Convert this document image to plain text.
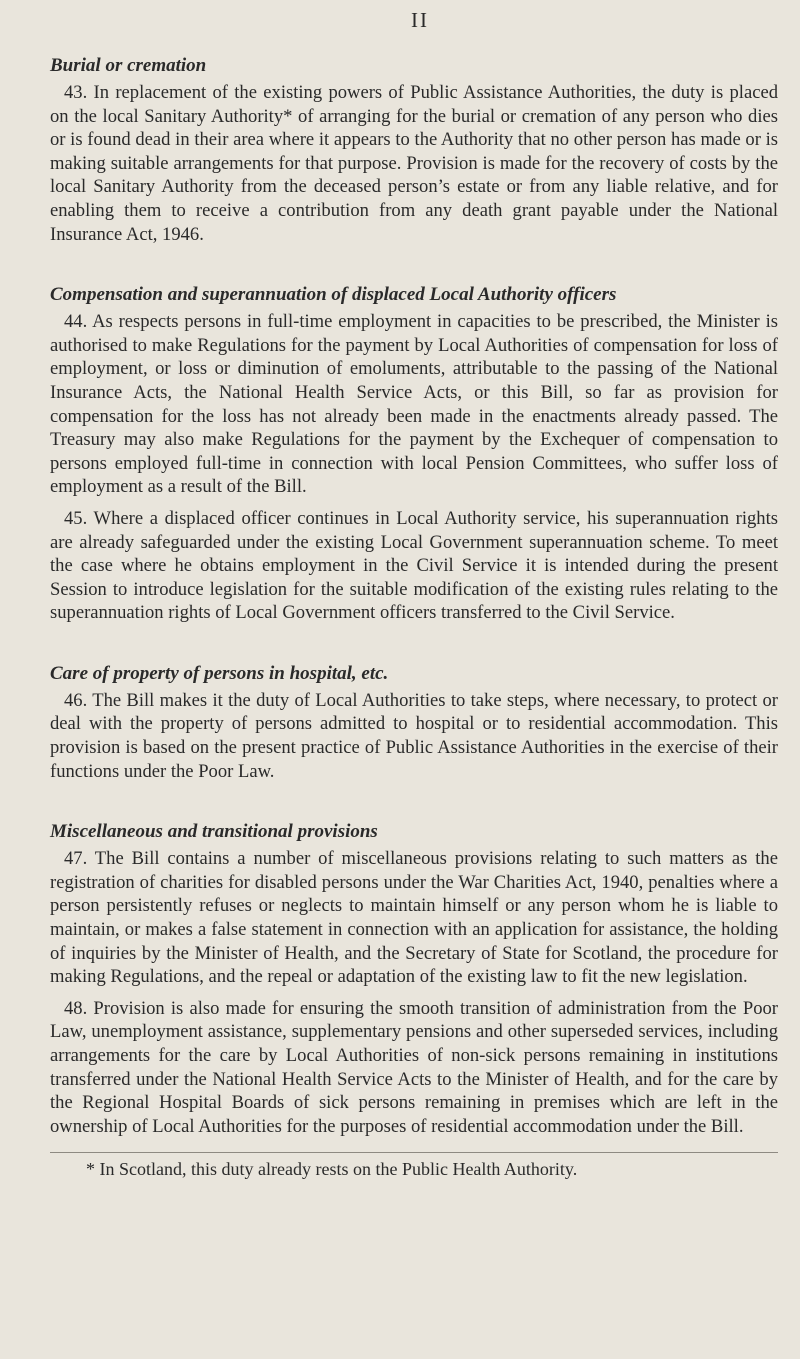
II
Burial or cremation

43. In replacement of the existing powers of Public Assistance Authorities, the duty is placed on the local Sanitary Authority* of arranging for the burial or cremation of any person who dies or is found dead in their area where it appears to the Authority that no other person has made or is making suitable arrangements for that purpose. Provision is made for the recovery of costs by the local Sanitary Authority from the deceased person’s estate or from any liable relative, and for enabling them to receive a contribution from any death grant payable under the National Insurance Act, 1946.

Compensation and superannuation of displaced Local Authority officers

44. As respects persons in full-time employment in capacities to be prescribed, the Minister is authorised to make Regulations for the payment by Local Authorities of compensation for loss of employment, or loss or diminution of emoluments, attributable to the passing of the National Insurance Acts, the National Health Service Acts, or this Bill, so far as provision for compensation for the loss has not already been made in the enactments already passed. The Treasury may also make Regulations for the payment by the Exchequer of compensation to persons employed full-time in connection with local Pension Committees, who suffer loss of employment as a result of the Bill.

45. Where a displaced officer continues in Local Authority service, his superannuation rights are already safeguarded under the existing Local Government superannuation scheme. To meet the case where he obtains employment in the Civil Service it is intended during the present Session to introduce legislation for the suitable modification of the existing rules relating to the superannuation rights of Local Government officers transferred to the Civil Service.

Care of property of persons in hospital, etc.

46. The Bill makes it the duty of Local Authorities to take steps, where necessary, to protect or deal with the property of persons admitted to hospital or to residential accommodation. This provision is based on the present practice of Public Assistance Authorities in the exercise of their functions under the Poor Law.

Miscellaneous and transitional provisions

47. The Bill contains a number of miscellaneous provisions relating to such matters as the registration of charities for disabled persons under the War Charities Act, 1940, penalties where a person persistently refuses or neglects to maintain himself or any person whom he is liable to maintain, or makes a false statement in connection with an application for assistance, the holding of inquiries by the Minister of Health, and the Secretary of State for Scotland, the procedure for making Regulations, and the repeal or adaptation of the existing law to fit the new legislation.

48. Provision is also made for ensuring the smooth transition of administration from the Poor Law, unemployment assistance, supplementary pensions and other superseded services, including arrangements for the care by Local Authorities of non-sick persons remaining in institutions transferred under the National Health Service Acts to the Minister of Health, and for the care by the Regional Hospital Boards of sick persons remaining in premises which are left in the ownership of Local Authorities for the purposes of residential accommodation under the Bill.

* In Scotland, this duty already rests on the Public Health Authority.
